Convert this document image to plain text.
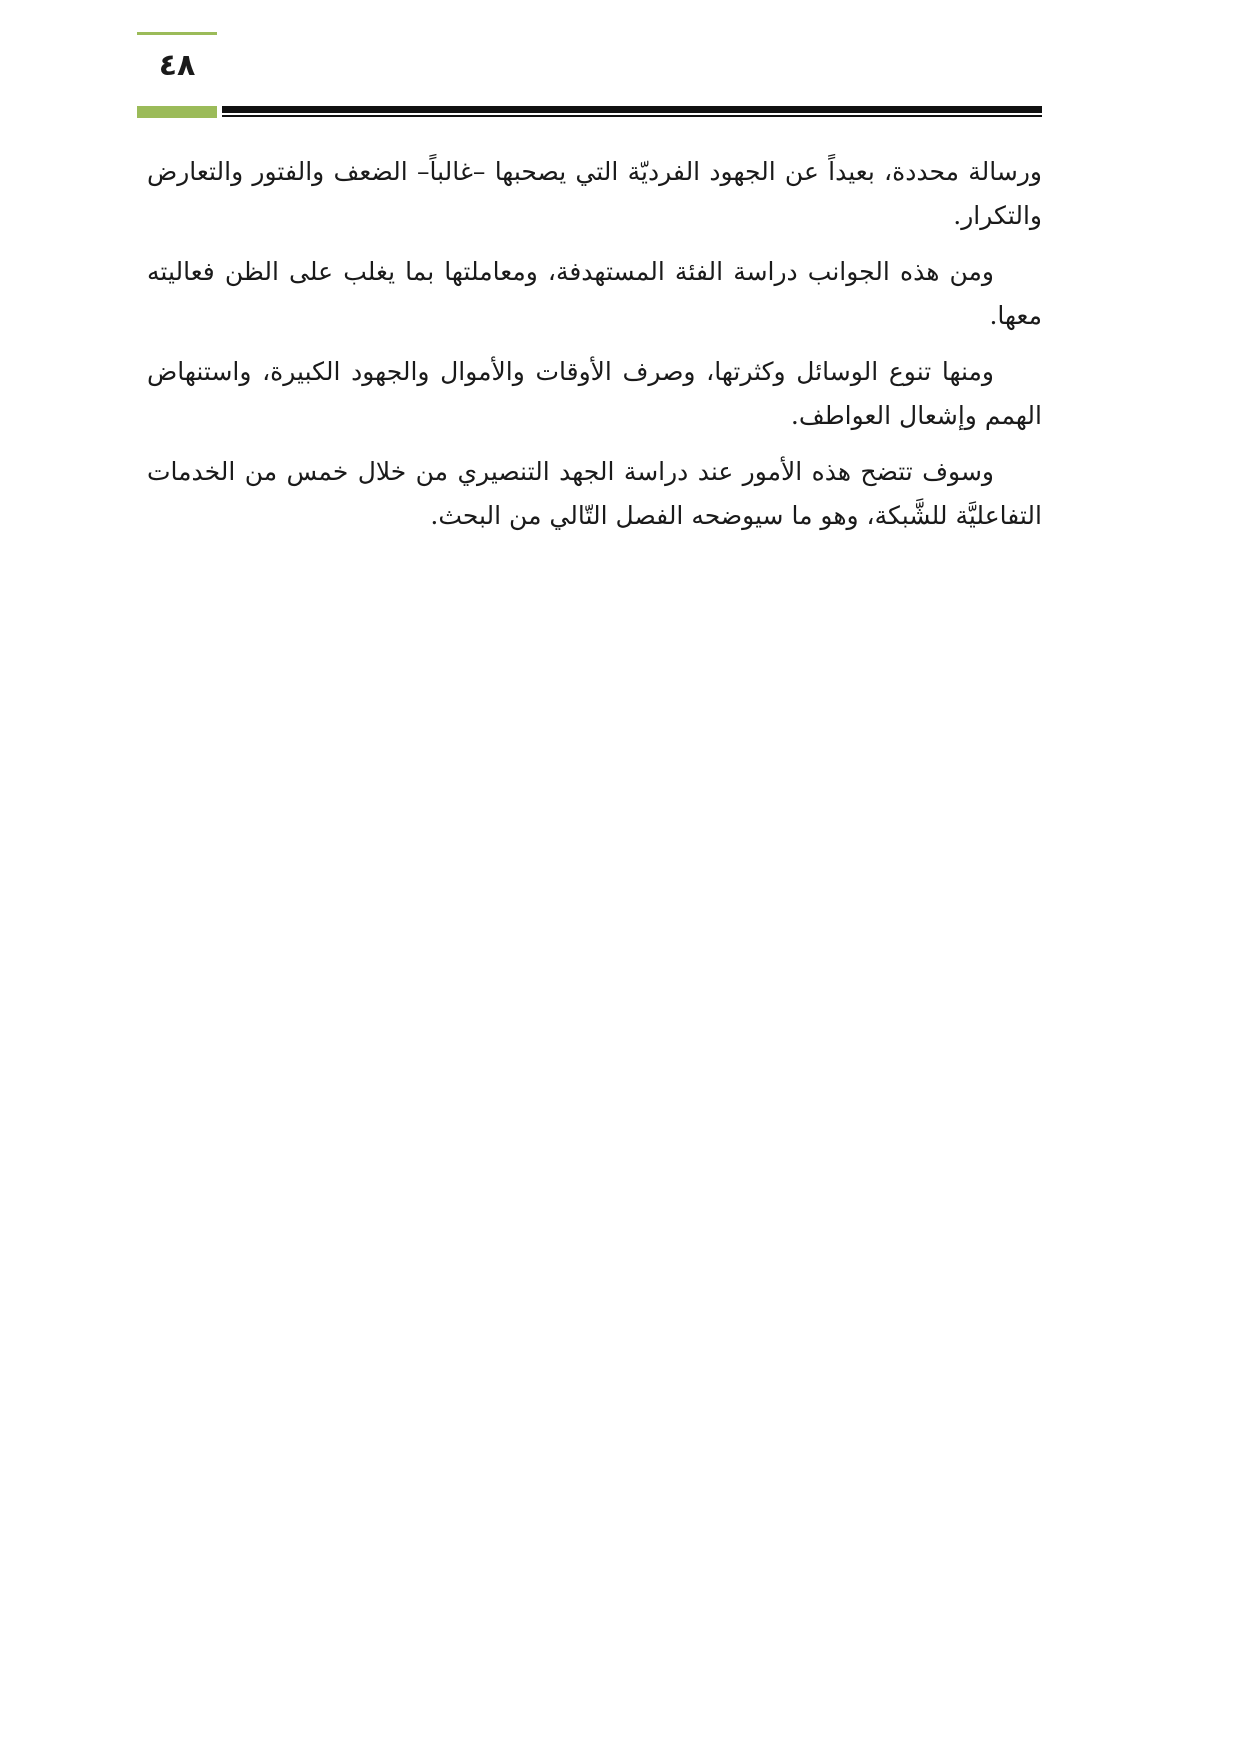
٤٨

ورسالة محددة، بعيداً عن الجهود الفرديّة التي يصحبها –غالباً– الضعف والفتور والتعارض والتكرار.

ومن هذه الجوانب دراسة الفئة المستهدفة، ومعاملتها بما يغلب على الظن فعاليته معها.

ومنها تنوع الوسائل وكثرتها، وصرف الأوقات والأموال والجهود الكبيرة، واستنهاض الهمم وإشعال العواطف.

وسوف تتضح هذه الأمور عند دراسة الجهد التنصيري من خلال خمس من الخدمات التفاعليَّة للشَّبكة، وهو ما سيوضحه الفصل التّالي من البحث.
